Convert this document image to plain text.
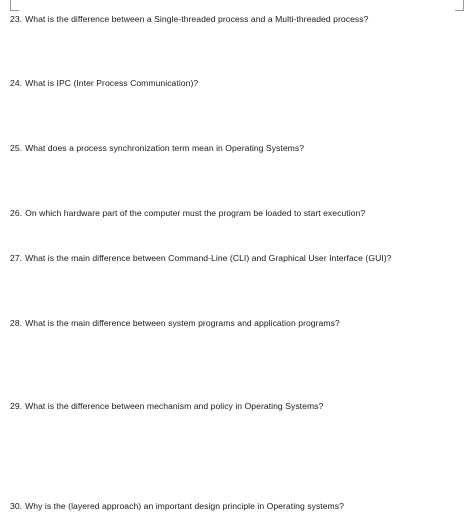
23. What is the difference between a Single-threaded process and a Multi-threaded process?
24. What is IPC (Inter Process Communication)?
25. What does a process synchronization term mean in Operating Systems?
26. On which hardware part of the computer must the program be loaded to start execution?
27. What is the main difference between Command-Line (CLI) and Graphical User Interface (GUI)?
28. What is the main difference between system programs and application programs?
29. What is the difference between mechanism and policy in Operating Systems?
30. Why is the (layered approach) an important design principle in Operating systems?
